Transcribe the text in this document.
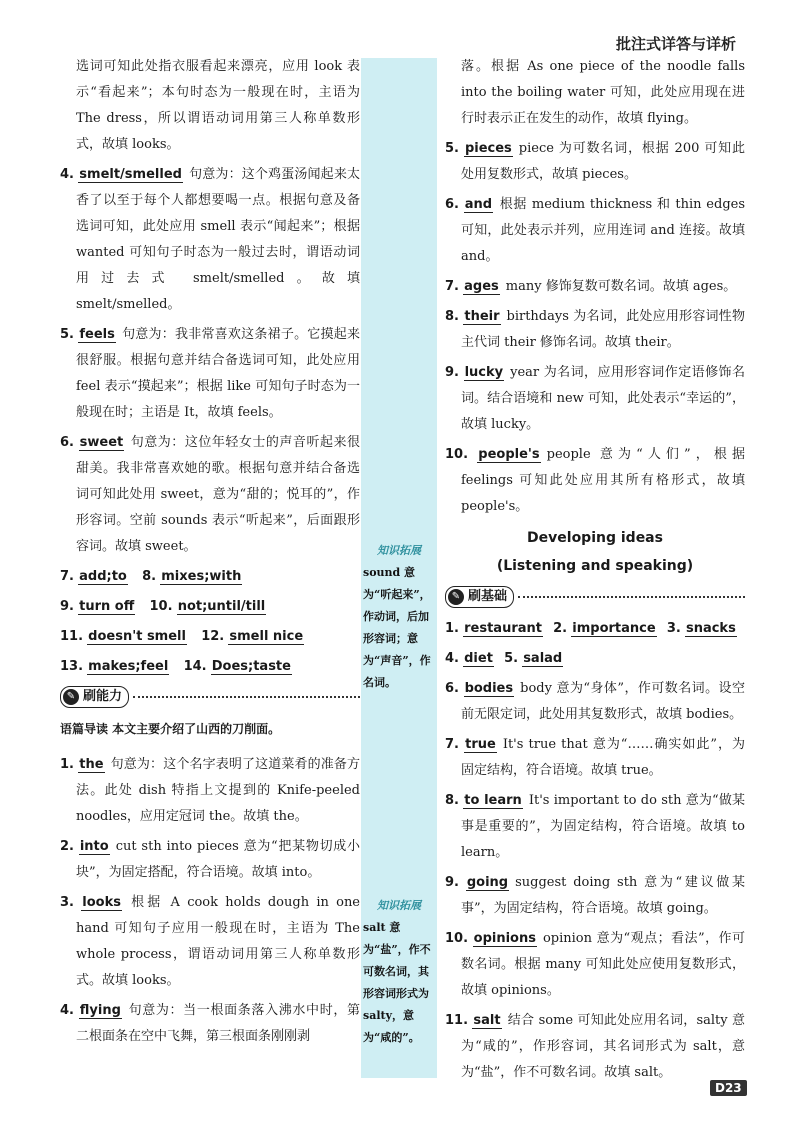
批注式详答与详析
知识拓展
sound 意为“听起来”，作动词，后加形容词；意为“声音”，作名词。
知识拓展
salt 意为“盐”，作不可数名词，其形容词形式为 salty，意为“咸的”。
选词可知此处指衣服看起来漂亮，应用 look 表示“看起来”；本句时态为一般现在时，主语为 The dress，所以谓语动词用第三人称单数形式，故填 looks。
4. smelt/smelled 句意为：这个鸡蛋汤闻起来太香了以至于每个人都想要喝一点。根据句意及备选词可知，此处应用 smell 表示“闻起来”；根据 wanted 可知句子时态为一般过去时，谓语动词用过去式 smelt/smelled。故填 smelt/smelled。
5. feels 句意为：我非常喜欢这条裙子。它摸起来很舒服。根据句意并结合备选词可知，此处应用 feel 表示“摸起来”；根据 like 可知句子时态为一般现在时；主语是 It，故填 feels。
6. sweet 句意为：这位年轻女士的声音听起来很甜美。我非常喜欢她的歌。根据句意并结合备选词可知此处用 sweet，意为“甜的；悦耳的”，作形容词。空前 sounds 表示“听起来”，后面跟形容词。故填 sweet。
7. add;to 8. mixes;with
9. turn off 10. not;until/till
11. doesn't smell 12. smell nice
13. makes;feel 14. Does;taste
✎ 刷能力
语篇导读 本文主要介绍了山西的刀削面。
1. the 句意为：这个名字表明了这道菜肴的准备方法。此处 dish 特指上文提到的 Knife-peeled noodles，应用定冠词 the。故填 the。
2. into cut sth into pieces 意为“把某物切成小块”，为固定搭配，符合语境。故填 into。
3. looks 根据 A cook holds dough in one hand 可知句子应用一般现在时，主语为 The whole process，谓语动词用第三人称单数形式。故填 looks。
4. flying 句意为：当一根面条落入沸水中时，第二根面条在空中飞舞，第三根面条刚刚剥
落。根据 As one piece of the noodle falls into the boiling water 可知，此处应用现在进行时表示正在发生的动作，故填 flying。
5. pieces piece 为可数名词，根据 200 可知此处用复数形式，故填 pieces。
6. and 根据 medium thickness 和 thin edges 可知，此处表示并列，应用连词 and 连接。故填 and。
7. ages many 修饰复数可数名词。故填 ages。
8. their birthdays 为名词，此处应用形容词性物主代词 their 修饰名词。故填 their。
9. lucky year 为名词，应用形容词作定语修饰名词。结合语境和 new 可知，此处表示“幸运的”，故填 lucky。
10. people's people 意为“人们”，根据 feelings 可知此处应用其所有格形式，故填 people's。
Developing ideas
(Listening and speaking)
✎ 刷基础
1. restaurant 2. importance 3. snacks
4. diet 5. salad
6. bodies body 意为“身体”，作可数名词。设空前无限定词，此处用其复数形式，故填 bodies。
7. true It's true that 意为“……确实如此”，为固定结构，符合语境。故填 true。
8. to learn It's important to do sth 意为“做某事是重要的”，为固定结构，符合语境。故填 to learn。
9. going suggest doing sth 意为“建议做某事”，为固定结构，符合语境。故填 going。
10. opinions opinion 意为“观点；看法”，作可数名词。根据 many 可知此处应使用复数形式，故填 opinions。
11. salt 结合 some 可知此处应用名词，salty 意为“咸的”，作形容词，其名词形式为 salt，意为“盐”，作不可数名词。故填 salt。
D23
